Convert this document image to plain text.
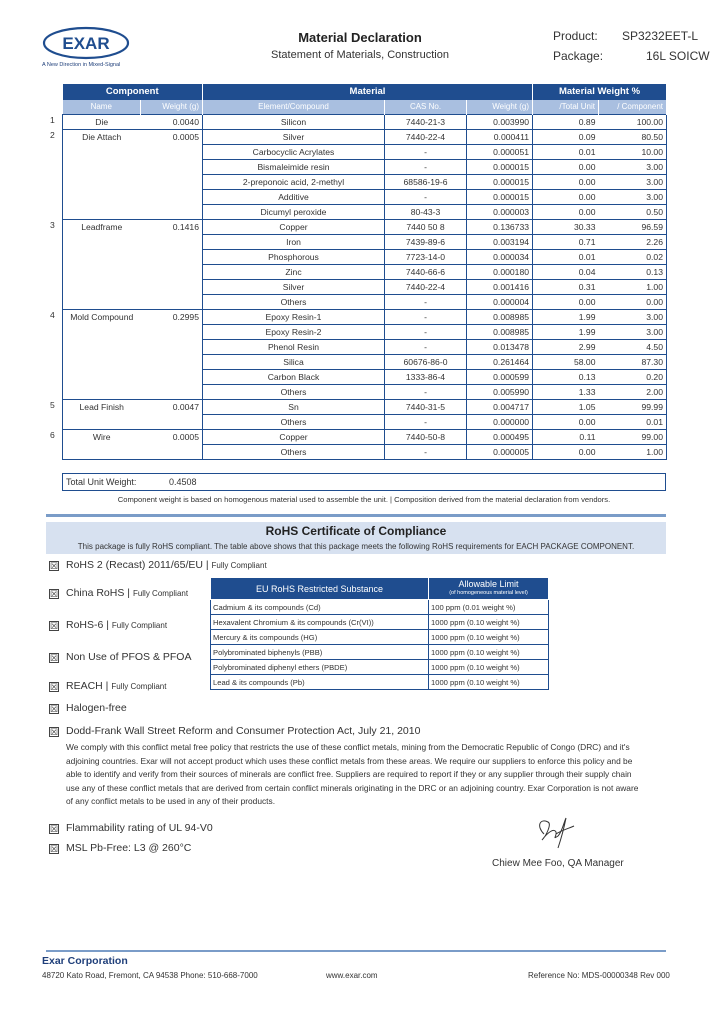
EXAR
A New Direction in Mixed-Signal
Material Declaration
Statement of Materials, Construction
Product: SP3232EET-L
Package:	16L SOICW
Component		Material			Material Weight %	
Name	Weight (g)	Element/Compound	CAS No.	Weight (g)	/Total Unit	/ Component
Die	0.0040	Silicon	7440-21-3	0.003990	0.89	100.00
Die Attach	0.0005	Silver	7440-22-4	0.000411	0.09	80.50
		Carbocyclic Acrylates	-	0.000051	0.01	10.00
		Bismaleimide resin	-	0.000015	0.00	3.00
		2-preponoic acid, 2-methyl	68586-19-6	0.000015	0.00	3.00
		Additive	-	0.000015	0.00	3.00
		Dicumyl peroxide	80-43-3	0.000003	0.00	0.50
Leadframe	0.1416	Copper	7440 50 8	0.136733	30.33	96.59
		Iron	7439-89-6	0.003194	0.71	2.26
		Phosphorous	7723-14-0	0.000034	0.01	0.02
		Zinc	7440-66-6	0.000180	0.04	0.13
		Silver	7440-22-4	0.001416	0.31	1.00
		Others	-	0.000004	0.00	0.00
Mold Compound	0.2995	Epoxy Resin-1	-	0.008985	1.99	3.00
		Epoxy Resin-2	-	0.008985	1.99	3.00
		Phenol Resin	-	0.013478	2.99	4.50
		Silica	60676-86-0	0.261464	58.00	87.30
		Carbon Black	1333-86-4	0.000599	0.13	0.20
		Others	-	0.005990	1.33	2.00
Lead Finish	0.0047	Sn	7440-31-5	0.004717	1.05	99.99
		Others	-	0.000000	0.00	0.01
Wire	0.0005	Copper	7440-50-8	0.000495	0.11	99.00
		Others	-	0.000005	0.00	1.00
1
2
3
4
5
6
Total Unit Weight:	0.4508
Component weight is based on homogenous material used to assemble the unit. | Composition derived from the material declaration from vendors.
RoHS Certificate of Compliance
This package is fully RoHS compliant. The table above shows that this package meets the following RoHS requirements for EACH PACKAGE COMPONENT.
☒ RoHS 2 (Recast) 2011/65/EU | Fully Compliant
☒ China RoHS | Fully Compliant
☒ RoHS-6 | Fully Compliant
☒ Non Use of PFOS & PFOA
☒ REACH | Fully Compliant
☒ Halogen-free
☒ Dodd-Frank Wall Street Reform and Consumer Protection Act, July 21, 2010
☒ Flammability rating of UL 94-V0
☒ MSL Pb-Free: L3 @ 260°C
EU RoHS Restricted Substance	Allowable Limit
(of homogeneous material level)

Cadmium & its compounds (Cd)	100 ppm (0.01 weight %)
Hexavalent Chromium & its compounds (Cr(VI))	1000 ppm (0.10 weight %)
Mercury & its compounds (HG)	1000 ppm (0.10 weight %)
Polybrominated biphenyls (PBB)	1000 ppm (0.10 weight %)
Polybrominated diphenyl ethers (PBDE)	1000 ppm (0.10 weight %)
Lead & its compounds (Pb)	1000 ppm (0.10 weight %)
We comply with this conflict metal free policy that restricts the use of these conflict metals, mining from the Democratic Republic of Congo (DRC) and it's
adjoining countries. Exar will not accept product which uses these conflict metals from these areas. We require our suppliers to enforce this policy and be
able to identify and verify from their sources of minerals are conflict free. Suppliers are required to report if they or any supplier through their supply chain
use any of these conflict metals that are derived from certain conflict minerals originating in the DRC or an adjoining country. Exar Corporation is not aware
of any conflict metals to be used in any of their products.
Chiew Mee Foo, QA Manager
Exar Corporation
48720 Kato Road, Fremont, CA 94538 Phone: 510-668-7000	www.exar.com	Reference No: MDS-00000348 Rev 000
